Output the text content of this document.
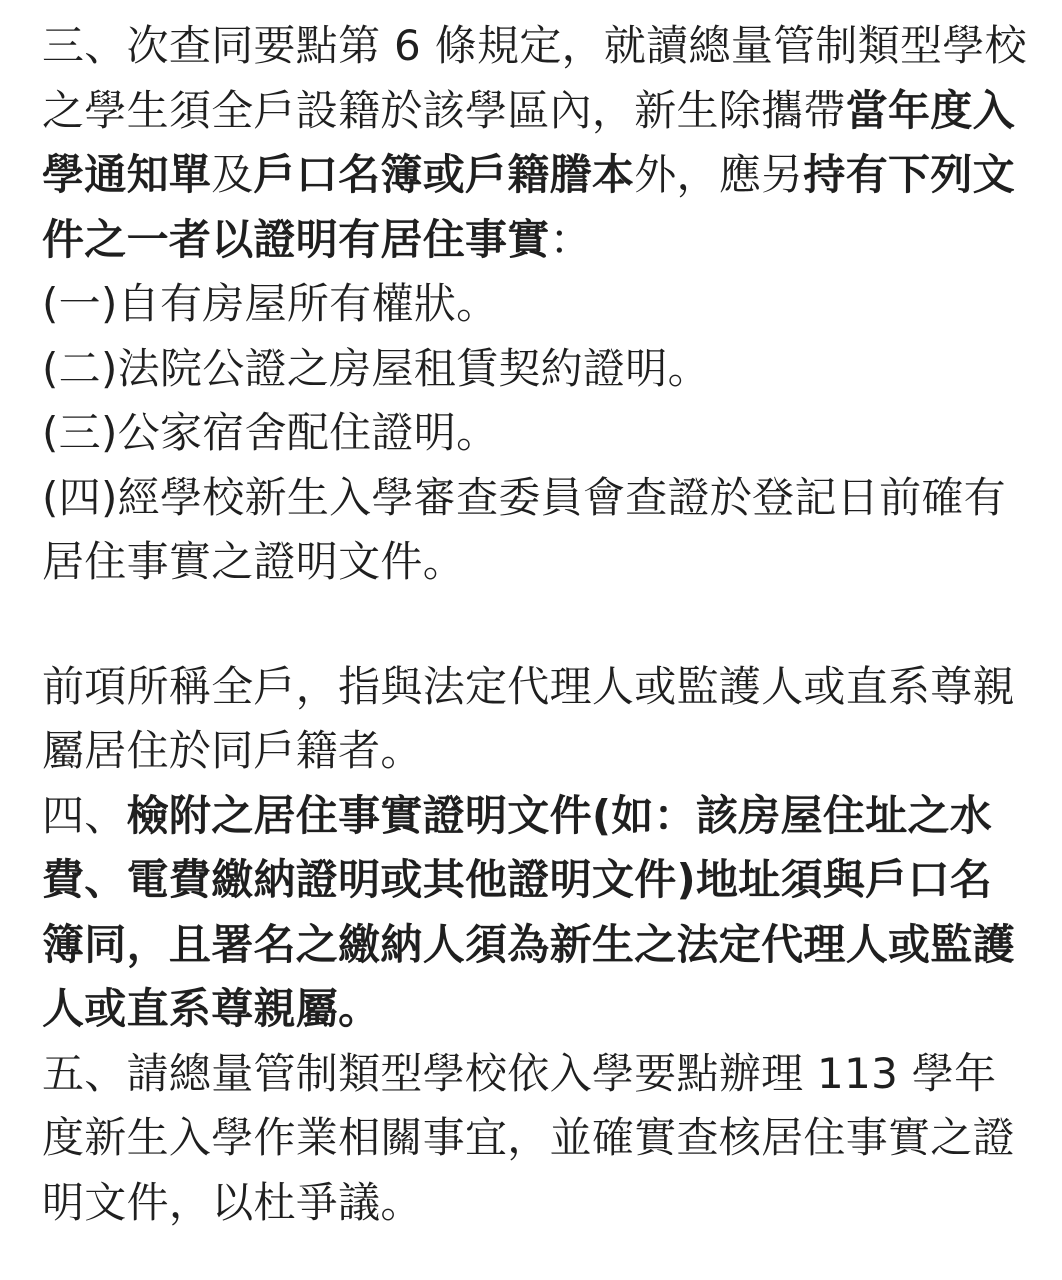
三、次查同要點第 6 條規定，就讀總量管制類型學校之學生須全戶設籍於該學區內，新生除攜帶當年度入學通知單及戶口名簿或戶籍謄本外，應另持有下列文件之一者以證明有居住事實：

(一)自有房屋所有權狀。

(二)法院公證之房屋租賃契約證明。

(三)公家宿舍配住證明。

(四)經學校新生入學審查委員會查證於登記日前確有居住事實之證明文件。

前項所稱全戶，指與法定代理人或監護人或直系尊親屬居住於同戶籍者。

四、檢附之居住事實證明文件(如：該房屋住址之水費、電費繳納證明或其他證明文件)地址須與戶口名簿同，且署名之繳納人須為新生之法定代理人或監護人或直系尊親屬。

五、請總量管制類型學校依入學要點辦理 113 學年度新生入學作業相關事宜，並確實查核居住事實之證明文件，以杜爭議。
